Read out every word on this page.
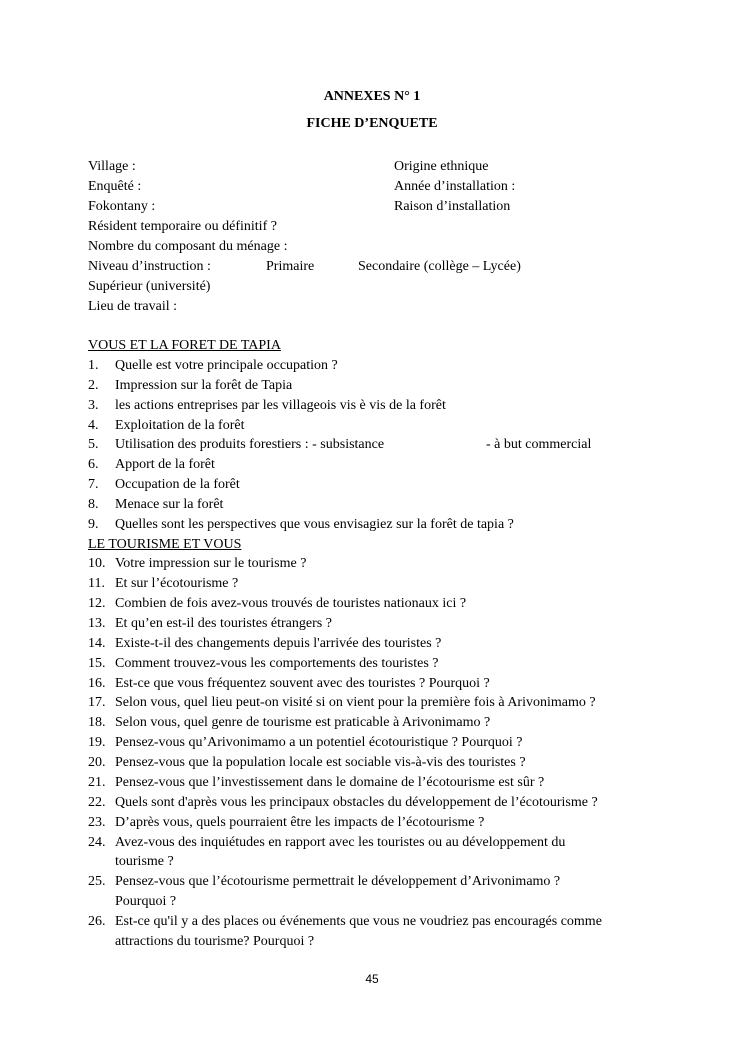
ANNEXES N° 1
FICHE D’ENQUETE
Village :	Origine ethnique
Enquêté :	Année d’installation :
Fokontany :	Raison d’installation
Résident temporaire ou définitif ?
Nombre du composant du ménage :
Niveau d’instruction :	Primaire	Secondaire (collège – Lycée)
Supérieur (université)
Lieu de travail :
VOUS ET LA FORET DE TAPIA
1. Quelle est votre principale occupation ?
2. Impression sur la forêt de Tapia
3. les actions entreprises par les villageois vis è vis de la forêt
4. Exploitation de la forêt
5. Utilisation des produits forestiers : - subsistance	- à but commercial
6. Apport de la forêt
7. Occupation de la forêt
8. Menace sur la forêt
9. Quelles sont les perspectives que vous envisagiez sur la forêt de tapia ?
LE TOURISME ET VOUS
10. Votre impression sur le tourisme ?
11. Et sur l’écotourisme ?
12. Combien de fois avez-vous trouvés de touristes nationaux ici ?
13. Et qu’en est-il des touristes étrangers ?
14. Existe-t-il des changements depuis l'arrivée des touristes ?
15. Comment trouvez-vous les comportements des touristes ?
16. Est-ce que vous fréquentez souvent avec des touristes ? Pourquoi ?
17. Selon vous, quel lieu peut-on visité si on vient pour la première fois à Arivonimamo ?
18. Selon vous, quel genre de tourisme est praticable à Arivonimamo ?
19. Pensez-vous qu’Arivonimamo a un potentiel écotouristique ? Pourquoi ?
20. Pensez-vous que la population locale est sociable vis-à-vis des touristes ?
21. Pensez-vous que l’investissement dans le domaine de l’écotourisme est sûr ?
22. Quels sont d'après vous les principaux obstacles du développement de l’écotourisme ?
23. D’après vous, quels pourraient être les impacts de l’écotourisme ?
24. Avez-vous des inquiétudes en rapport avec les touristes ou au développement du
tourisme ?
25. Pensez-vous que l’écotourisme permettrait le développement d’Arivonimamo ?
Pourquoi ?
26. Est-ce qu'il y a des places ou événements que vous ne voudriez pas encouragés comme
attractions du tourisme? Pourquoi ?
45
